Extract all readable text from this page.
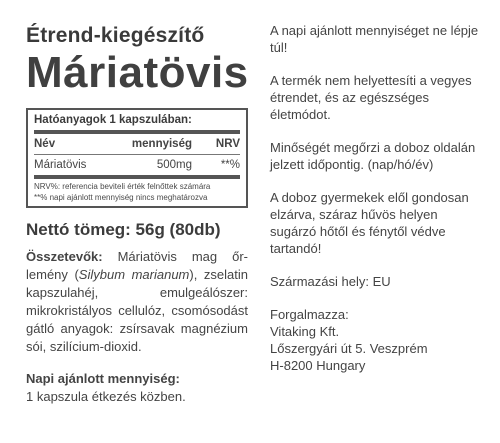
Étrend-kiegészítő
Máriatövis
Hatóanyagok 1 kapszulában:
Név	mennyiség	NRV
Máriatövis	500mg	**%
NRV%: referencia beviteli érték felnőttek számára
**% napi ajánlott mennyiség nincs meghatározva
Nettó tömeg: 56g (80db)
Összetevők: Máriatövis mag őr-lemény (Silybum marianum), zselatin kapszulahéj, emulgeálószer: mikrokristályos cellulóz, csomósodást gátló anyagok: zsírsavak magnézium sói, szilícium-dioxid.
Napi ajánlott mennyiség:
1 kapszula étkezés közben.

A napi ajánlott mennyiséget ne lépje túl!

A termék nem helyettesíti a vegyes étrendet, és az egészséges életmódot.

Minőségét megőrzi a doboz oldalán jelzett időpontig. (nap/hó/év)

A doboz gyermekek elől gondosan elzárva, száraz hűvös helyen sugárzó hőtől és fénytől védve tartandó!

Származási hely: EU

Forgalmazza:
Vitaking Kft.
Lőszergyári út 5. Veszprém
H-8200 Hungary
